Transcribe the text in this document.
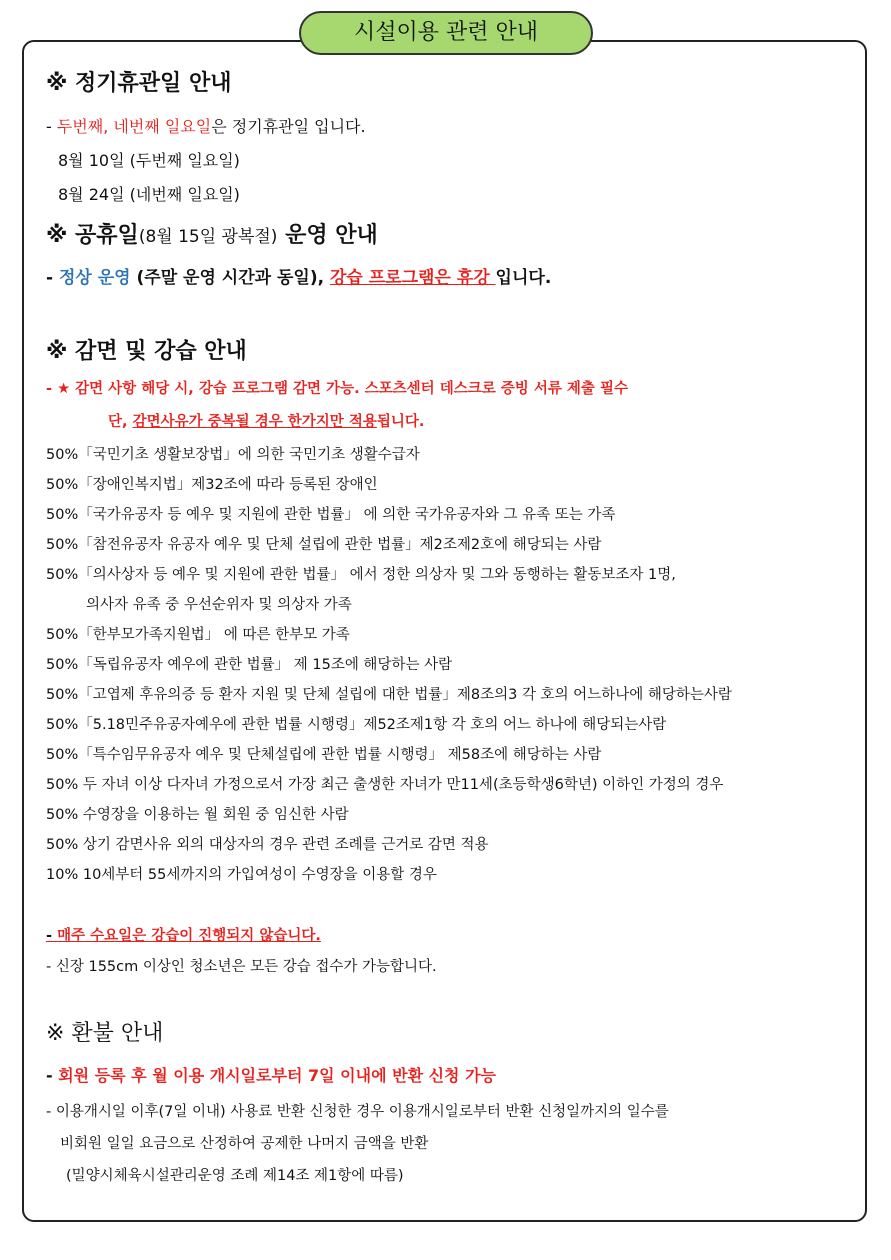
시설이용 관련 안내
※ 정기휴관일 안내
- 두번째, 네번째 일요일은 정기휴관일 입니다.
8월 10일 (두번째 일요일)
8월 24일 (네번째 일요일)
※ 공휴일(8월 15일 광복절) 운영 안내
- 정상 운영 (주말 운영 시간과 동일), 강습 프로그램은 휴강 입니다.
※ 감면 및 강습 안내
- ★ 감면 사항 해당 시, 강습 프로그램 감면 가능. 스포츠센터 데스크로 증빙 서류 제출 필수
단, 감면사유가 중복될 경우 한가지만 적용됩니다.
50%「국민기초 생활보장법」에 의한 국민기초 생활수급자
50%「장애인복지법」제32조에 따라 등록된 장애인
50%「국가유공자 등 예우 및 지원에 관한 법률」 에 의한 국가유공자와 그 유족 또는 가족
50%「참전유공자 유공자 예우 및 단체 설립에 관한 법률」제2조제2호에 해당되는 사람
50%「의사상자 등 예우 및 지원에 관한 법률」 에서 정한 의상자 및 그와 동행하는 활동보조자 1명,
의사자 유족 중 우선순위자 및 의상자 가족
50%「한부모가족지원법」 에 따른 한부모 가족
50%「독립유공자 예우에 관한 법률」 제 15조에 해당하는 사람
50%「고엽제 후유의증 등 환자 지원 및 단체 설립에 대한 법률」제8조의3 각 호의 어느하나에 해당하는사람
50%「5.18민주유공자예우에 관한 법률 시행령」제52조제1항 각 호의 어느 하나에 해당되는사람
50%「특수임무유공자 예우 및 단체설립에 관한 법률 시행령」 제58조에 해당하는 사람
50% 두 자녀 이상 다자녀 가정으로서 가장 최근 출생한 자녀가 만11세(초등학생6학년) 이하인 가정의 경우
50% 수영장을 이용하는 월 회원 중 임신한 사람
50% 상기 감면사유 외의 대상자의 경우 관련 조례를 근거로 감면 적용
10% 10세부터 55세까지의 가입여성이 수영장을 이용할 경우
- 매주 수요일은 강습이 진행되지 않습니다.
- 신장 155cm 이상인 청소년은 모든 강습 접수가 가능합니다.
※ 환불 안내
- 회원 등록 후 월 이용 개시일로부터 7일 이내에 반환 신청 가능
- 이용개시일 이후(7일 이내) 사용료 반환 신청한 경우 이용개시일로부터 반환 신청일까지의 일수를
비회원 일일 요금으로 산정하여 공제한 나머지 금액을 반환
(밀양시체육시설관리운영 조례 제14조 제1항에 따름)
